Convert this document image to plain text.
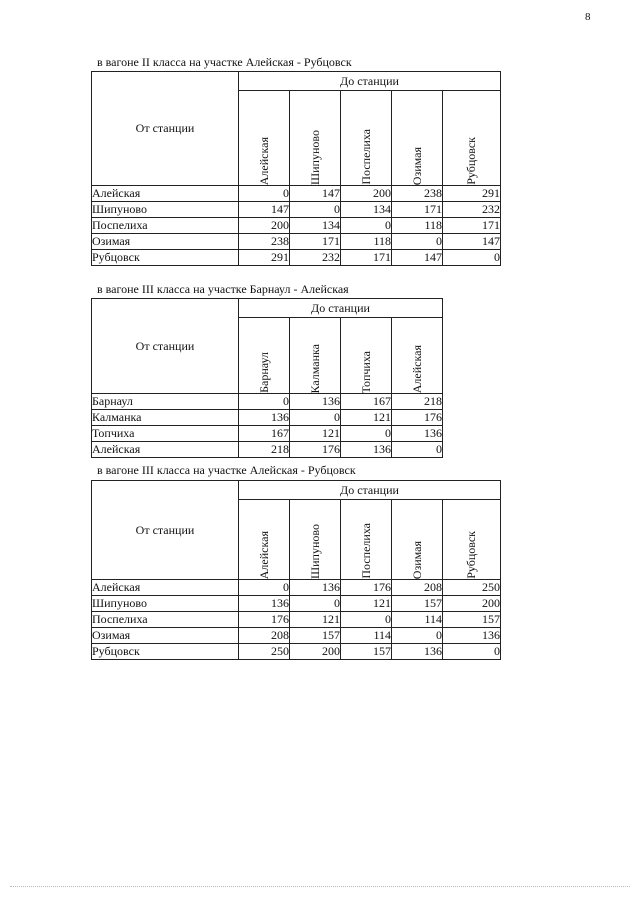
8
в вагоне II класса на участке Алейская - Рубцовск
От станции	До станции				

	Алейская	Шипуново	Поспелиха	Озимая	Рубцовск

Алейская	0	147	200	238	291
Шипуново	147	0	134	171	232
Поспелиха	200	134	0	118	171
Озимая	238	171	118	0	147
Рубцовск	291	232	171	147	0
в вагоне III класса на участке Барнаул - Алейская
От станции	До станции			

	Барнаул	Калманка	Топчиха	Алейская

Барнаул	0	136	167	218
Калманка	136	0	121	176
Топчиха	167	121	0	136
Алейская	218	176	136	0
в вагоне III класса на участке Алейская - Рубцовск
От станции	До станции				

	Алейская	Шипуново	Поспелиха	Озимая	Рубцовск

Алейская	0	136	176	208	250
Шипуново	136	0	121	157	200
Поспелиха	176	121	0	114	157
Озимая	208	157	114	0	136
Рубцовск	250	200	157	136	0
